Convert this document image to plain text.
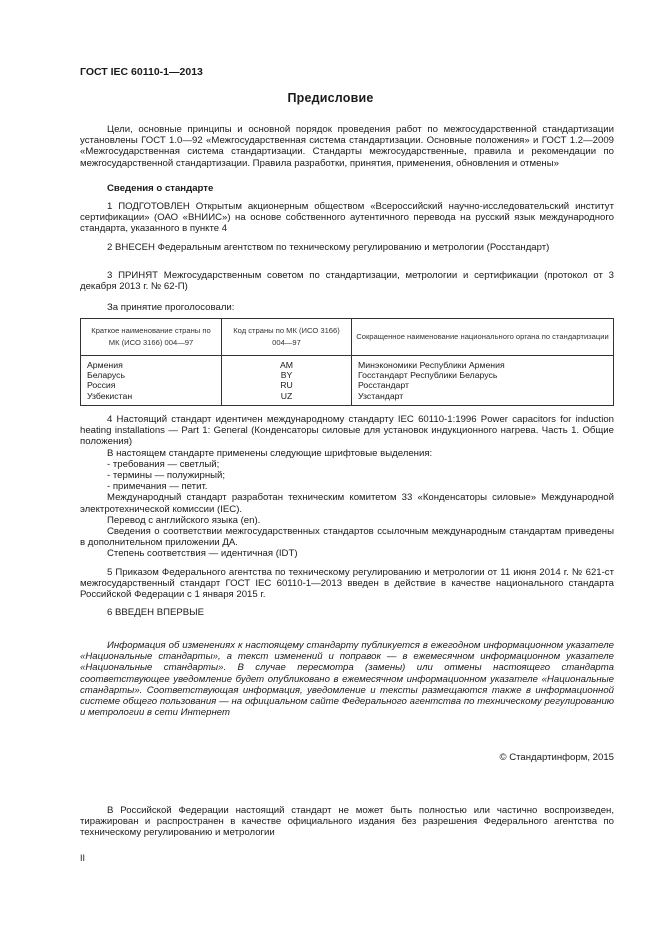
ГОСТ IEC 60110-1—2013
Предисловие

Цели, основные принципы и основной порядок проведения работ по межгосударственной стандартизации установлены ГОСТ 1.0—92 «Межгосударственная система стандартизации. Основные положения» и ГОСТ 1.2—2009 «Межгосударственная система стандартизации. Стандарты межгосударственные, правила и рекомендации по межгосударственной стандартизации. Правила разработки, принятия, применения, обновления и отмены»

Сведения о стандарте

1 ПОДГОТОВЛЕН Открытым акционерным обществом «Всероссийский научно-исследовательский институт сертификации» (ОАО «ВНИИС») на основе собственного аутентичного перевода на русский язык международного стандарта, указанного в пункте 4

2 ВНЕСЕН Федеральным агентством по техническому регулированию и метрологии (Росстандарт)

3 ПРИНЯТ Межгосударственным советом по стандартизации, метрологии и сертификации (протокол от 3 декабря 2013 г. № 62-П)

За принятие проголосовали:
Краткое наименование страны по МК (ИСО 3166) 004—97	Код страны по МК (ИСО 3166) 004—97	Сокращенное наименование национального органа по стандартизации
Армения	AM	Минэкономики Республики Армения
Беларусь	BY	Госстандарт Республики Беларусь
Россия	RU	Росстандарт
Узбекистан	UZ	Узстандарт

4 Настоящий стандарт идентичен международному стандарту IEC 60110-1:1996 Power capacitors for induction heating installations — Part 1: General (Конденсаторы силовые для установок индукционного нагрева. Часть 1. Общие положения)

В настоящем стандарте применены следующие шрифтовые выделения:

- требования — светлый;

- термины — полужирный;

- примечания — петит.

Международный стандарт разработан техническим комитетом 33 «Конденсаторы силовые» Международной электротехнической комиссии (IEC).

Перевод с английского языка (en).

Сведения о соответствии межгосударственных стандартов ссылочным международным стандартам приведены в дополнительном приложении ДА.

Степень соответствия — идентичная (IDT)

5 Приказом Федерального агентства по техническому регулированию и метрологии от 11 июня 2014 г. № 621-ст межгосударственный стандарт ГОСТ IEC 60110-1—2013 введен в действие в качестве национального стандарта Российской Федерации с 1 января 2015 г.

6 ВВЕДЕН ВПЕРВЫЕ

Информация об изменениях к настоящему стандарту публикуется в ежегодном информационном указателе «Национальные стандарты», а текст изменений и поправок — в ежемесячном информационном указателе «Национальные стандарты». В случае пересмотра (замены) или отмены настоящего стандарта соответствующее уведомление будет опубликовано в ежемесячном информационном указателе «Национальные стандарты». Соответствующая информация, уведомление и тексты размещаются также в информационной системе общего пользования — на официальном сайте Федерального агентства по техническому регулированию и метрологии в сети Интернет

© Стандартинформ, 2015

В Российской Федерации настоящий стандарт не может быть полностью или частично воспроизведен, тиражирован и распространен в качестве официального издания без разрешения Федерального агентства по техническому регулированию и метрологии

II
